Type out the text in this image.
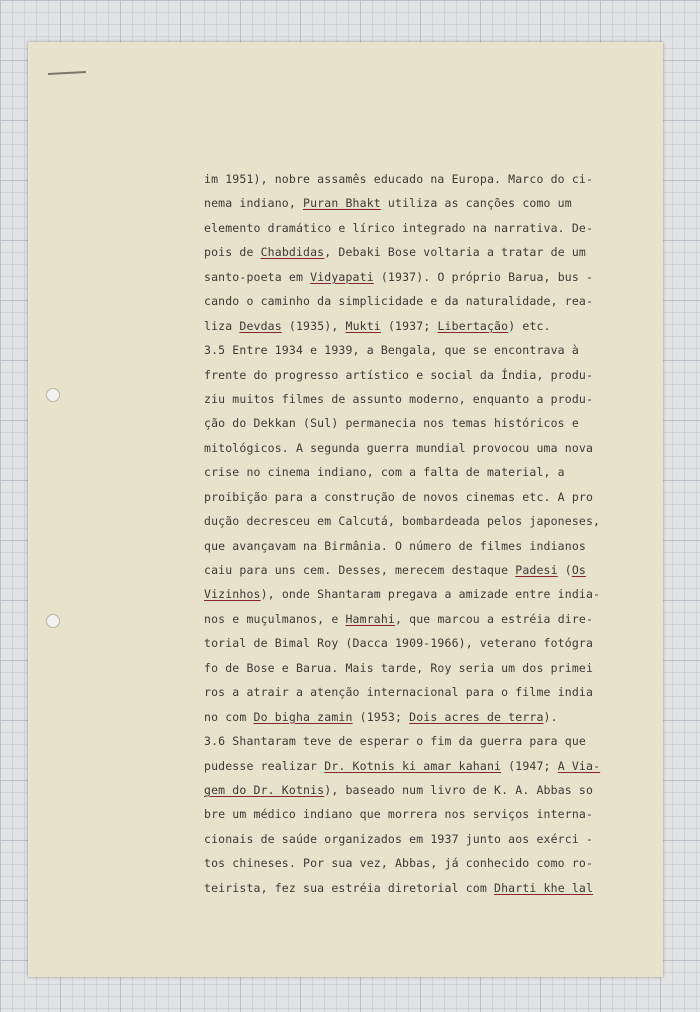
im 1951), nobre assamês educado na Europa. Marco do ci-
nema indiano, Puran Bhakt utiliza as canções como um
elemento dramático e lírico integrado na narrativa. De-
pois de Chabdidas, Debaki Bose voltaria a tratar de um
santo-poeta em Vidyapati (1937). O próprio Barua, bus -
cando o caminho da simplicidade e da naturalidade, rea-
liza Devdas (1935), Mukti (1937; Libertação) etc.
3.5 Entre 1934 e 1939, a Bengala, que se encontrava à
frente do progresso artístico e social da Índia, produ-
ziu muitos filmes de assunto moderno, enquanto a produ-
ção do Dekkan (Sul) permanecia nos temas históricos e
mitológicos. A segunda guerra mundial provocou uma nova
crise no cinema indiano, com a falta de material, a
proibição para a construção de novos cinemas etc. A pro
dução decresceu em Calcutá, bombardeada pelos japoneses,
que avançavam na Birmânia. O número de filmes indianos
caiu para uns cem. Desses, merecem destaque Padesi (Os
Vizinhos), onde Shantaram pregava a amizade entre india-
nos e muçulmanos, e Hamrahi, que marcou a estréia dire-
torial de Bimal Roy (Dacca 1909-1966), veterano fotógra
fo de Bose e Barua. Mais tarde, Roy seria um dos primei
ros a atrair a atenção internacional para o filme india
no com Do bigha zamin (1953; Dois acres de terra).
3.6 Shantaram teve de esperar o fim da guerra para que
pudesse realizar Dr. Kotnis ki amar kahani (1947; A Via-
gem do Dr. Kotnis), baseado num livro de K. A. Abbas so
bre um médico indiano que morrera nos serviços interna-
cionais de saúde organizados em 1937 junto aos exérci -
tos chineses. Por sua vez, Abbas, já conhecido como ro-
teirista, fez sua estréia diretorial com Dharti khe lal
